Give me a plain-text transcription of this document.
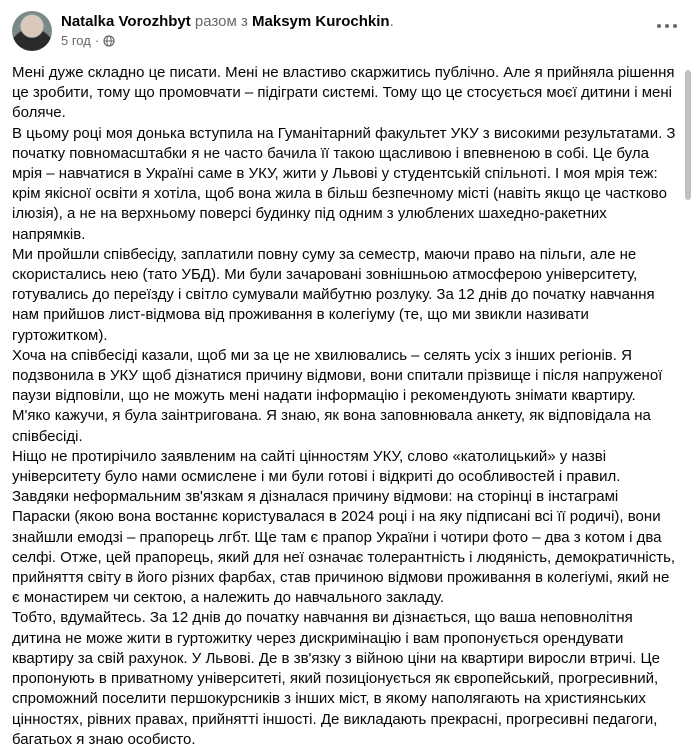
Natalka Vorozhbyt разом з Maksym Kurochkin.
5 год ·

Мені дуже складно це писати. Мені не властиво скаржитись публічно. Але я прийняла рішення це зробити, тому що промовчати – підіграти системі. Тому що це стосується моєї дитини і мені боляче.

В цьому році моя донька вступила на Гуманітарний факультет УКУ з високими результатами. З початку повномасштабки я не часто бачила її такою щасливою і впевненою в собі. Це була мрія – навчатися в Україні саме в УКУ, жити у Львові у студентській спільноті. І моя мрія теж: крім якісної освіти я хотіла, щоб вона жила в більш безпечному місті (навіть якщо це частково ілюзія), а не на верхньому поверсі будинку під одним з улюблених шахедно-ракетних напрямків.

Ми пройшли співбесіду, заплатили повну суму за семестр, маючи право на пільги, але не скористались нею (тато УБД). Ми були зачаровані зовнішньою атмосферою університету, готувались до переїзду і світло сумували майбутню розлуку. За 12 днів до початку навчання нам прийшов лист-відмова від проживання в колегіуму (те, що ми звикли називати гуртожитком).

Хоча на співбесіді казали, щоб ми за це не хвилювались – селять усіх з інших регіонів. Я подзвонила в УКУ щоб дізнатися причину відмови, вони спитали прізвище і після напруженої паузи відповіли, що не можуть мені надати інформацію і рекомендують знімати квартиру. М'яко кажучи, я була заінтригована. Я знаю, як вона заповнювала анкету, як відповідала на співбесіді.

Ніщо не протирічило заявленим на сайті цінностям УКУ, слово «католицький» у назві університету було нами осмислене і ми були готові і відкриті до особливостей і правил.

Завдяки неформальним зв'язкам я дізналася причину відмови: на сторінці в інстаграмі Параски (якою вона востаннє користувалася в 2024 році і на яку підписані всі її родичі), вони знайшли емодзі – прапорець лгбт. Ще там є прапор України і чотири фото – два з котом і два селфі. Отже, цей прапорець, який для неї означає толерантність і людяність, демократичність, прийняття світу в його різних фарбах, став причиною відмови проживання в колегіумі, який не є монастирем чи сектою, а належить до навчального закладу.

Тобто, вдумайтесь. За 12 днів до початку навчання ви дізнається, що ваша неповнолітня дитина не може жити в гуртожитку через дискримінацію і вам пропонується орендувати квартиру за свій рахунок. У Львові. Де в зв'язку з війною ціни на квартири виросли втричі. Це пропонують в приватному університеті, який позиціонується як європейський, прогресивний, спроможний поселити першокурсників з інших міст, в якому наполягають на християнських цінностях, рівних правах, прийнятті іншості. Де викладають прекрасні, прогресивні педагоги, багатьох я знаю особисто.
